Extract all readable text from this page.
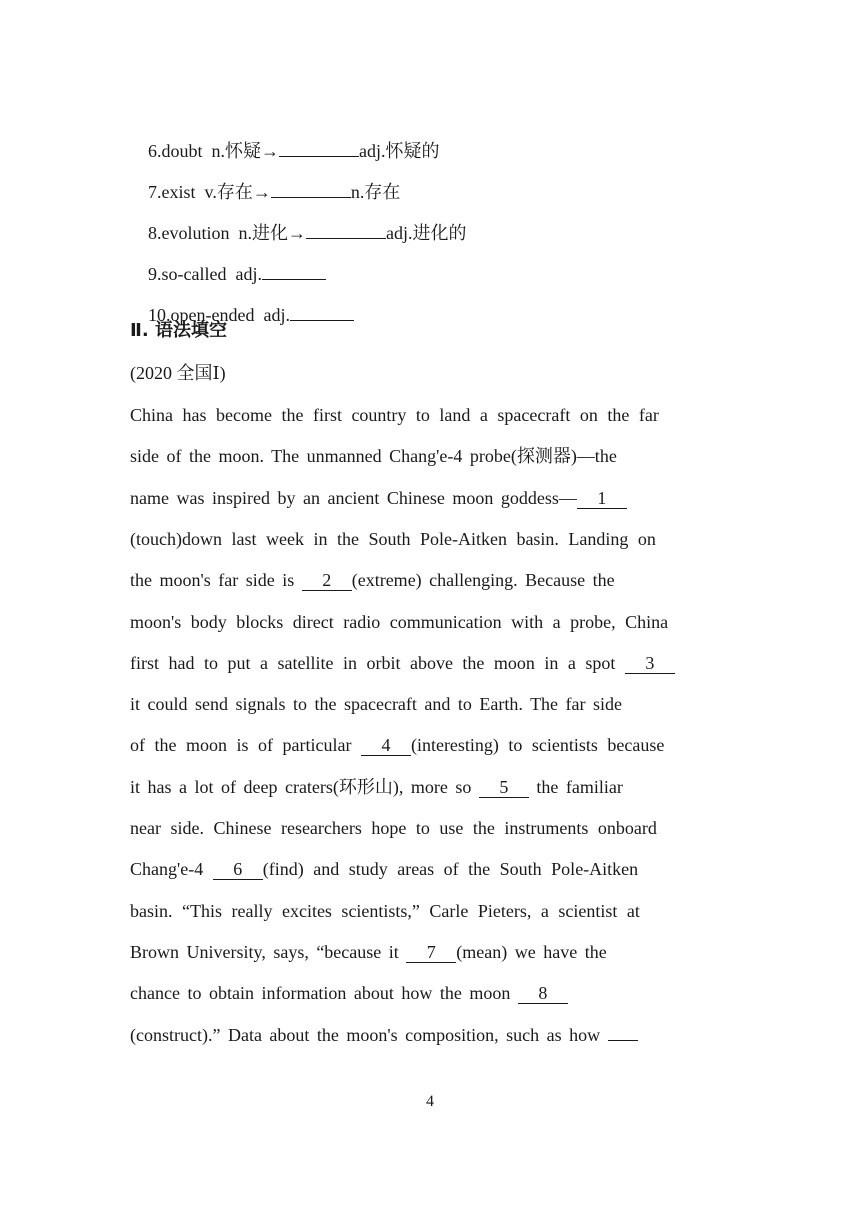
6.doubt n.怀疑→	adj.怀疑的

7.exist v.存在→	n.存在

8.evolution n.进化→	adj.进化的

9.so-called adj.

10.open-ended adj.

Ⅱ. 语法填空
(2020 全国Ⅰ)
China has become the first country to land a spacecraft on the far
side of the moon. The unmanned Chang'e-4 probe(探测器)—the
name was inspired by an ancient Chinese moon goddess— 1
(touch)down last week in the South Pole-Aitken basin. Landing on
the moon's far side is 2 (extreme) challenging. Because the
moon's body blocks direct radio communication with a probe, China
first had to put a satellite in orbit above the moon in a spot 3
it could send signals to the spacecraft and to Earth. The far side
of the moon is of particular 4 (interesting) to scientists because
it has a lot of deep craters(环形山), more so 5 the familiar
near side. Chinese researchers hope to use the instruments onboard
Chang'e-4 6 (find) and study areas of the South Pole-Aitken
basin. “This really excites scientists,” Carle Pieters, a scientist at
Brown University, says, “because it 7 (mean) we have the
chance to obtain information about how the moon 8
(construct).” Data about the moon's composition, such as how
4
